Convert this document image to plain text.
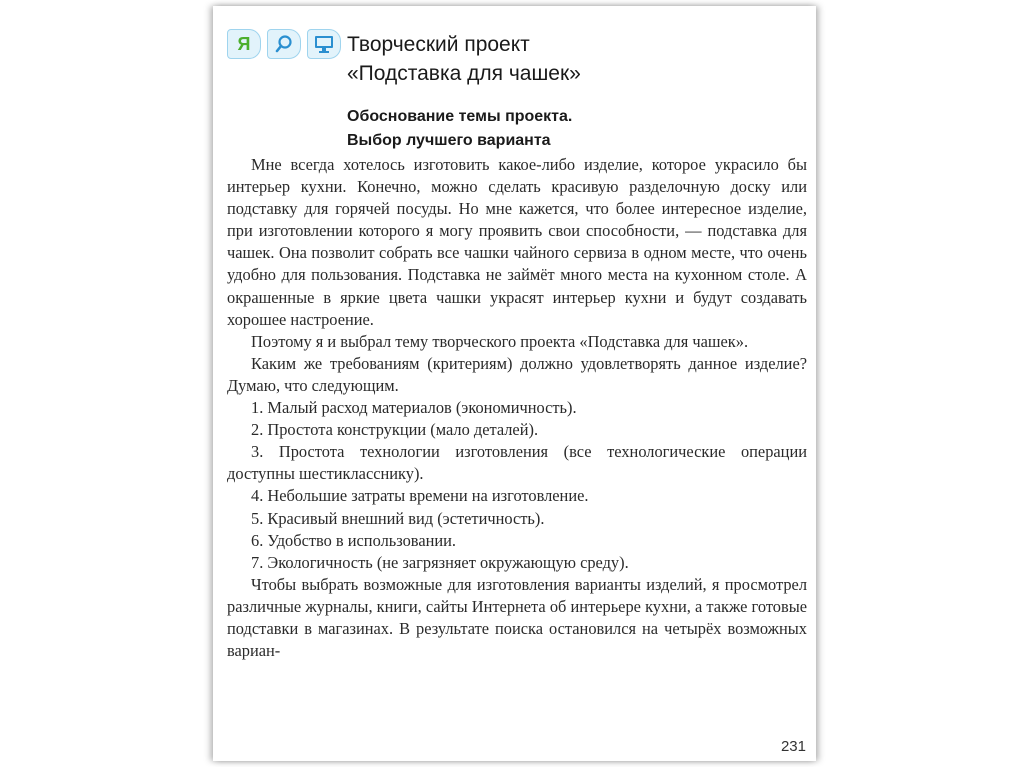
Я	Творческий проект
«Подставка для чашек»
Обоснование темы проекта.
Выбор лучшего варианта

Мне всегда хотелось изготовить какое-либо изделие, которое украсило бы интерьер кухни. Конечно, можно сделать красивую разделочную доску или подставку для горячей посуды. Но мне кажется, что более интересное изделие, при изготовлении которого я могу проявить свои способности, — подставка для чашек. Она позволит собрать все чашки чайного сервиза в одном месте, что очень удобно для пользования. Подставка не займёт много места на кухонном столе. А окрашенные в яркие цвета чашки украсят интерьер кухни и будут создавать хорошее настроение.

Поэтому я и выбрал тему творческого проекта «Подставка для чашек».

Каким же требованиям (критериям) должно удовлетворять данное изделие? Думаю, что следующим.

1. Малый расход материалов (экономичность).

2. Простота конструкции (мало деталей).

3. Простота технологии изготовления (все технологические операции доступны шестикласснику).

4. Небольшие затраты времени на изготовление.

5. Красивый внешний вид (эстетичность).

6. Удобство в использовании.

7. Экологичность (не загрязняет окружающую среду).

Чтобы выбрать возможные для изготовления варианты изделий, я просмотрел различные журналы, книги, сайты Интернета об интерьере кухни, а также готовые подставки в магазинах. В результате поиска остановился на четырёх возможных вариан-

231
